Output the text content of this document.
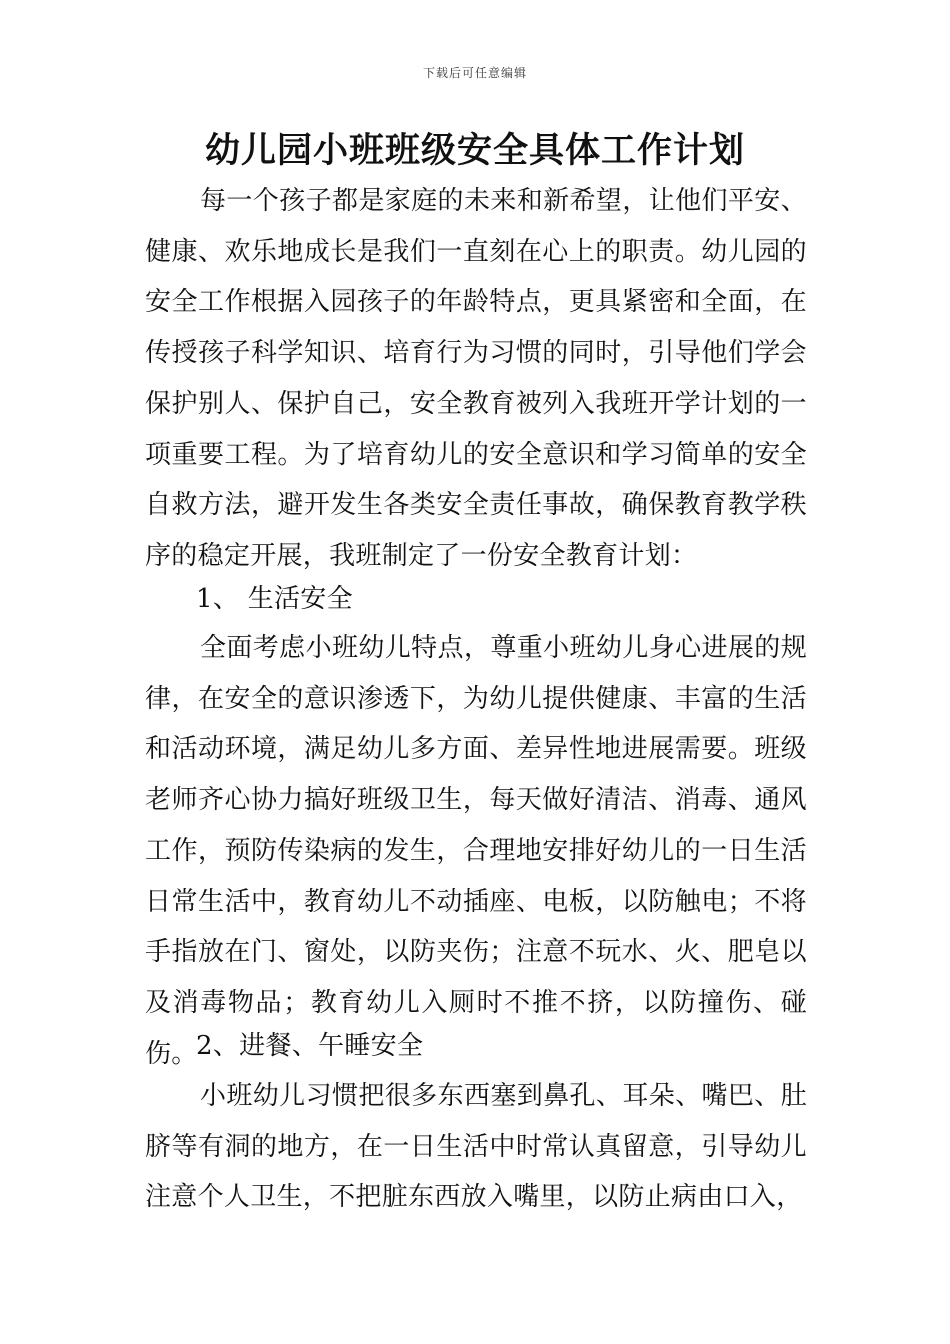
下载后可任意编辑
幼儿园小班班级安全具体工作计划

每一个孩子都是家庭的未来和新希望，让他们平安、健康、欢乐地成长是我们一直刻在心上的职责。幼儿园的安全工作根据入园孩子的年龄特点，更具紧密和全面，在传授孩子科学知识、培育行为习惯的同时，引导他们学会保护别人、保护自己，安全教育被列入我班开学计划的一项重要工程。为了培育幼儿的安全意识和学习简单的安全自救方法，避开发生各类安全责任事故，确保教育教学秩序的稳定开展，我班制定了一份安全教育计划：

1、 生活安全

全面考虑小班幼儿特点，尊重小班幼儿身心进展的规律，在安全的意识渗透下，为幼儿提供健康、丰富的生活和活动环境，满足幼儿多方面、差异性地进展需要。班级老师齐心协力搞好班级卫生，每天做好清洁、消毒、通风工作，预防传染病的发生，合理地安排好幼儿的一日生活日常生活中，教育幼儿不动插座、电板，以防触电；不将手指放在门、窗处，以防夹伤；注意不玩水、火、肥皂以及消毒物品；教育幼儿入厕时不推不挤，以防撞伤、碰伤。

2、进餐、午睡安全

小班幼儿习惯把很多东西塞到鼻孔、耳朵、嘴巴、肚脐等有洞的地方，在一日生活中时常认真留意，引导幼儿注意个人卫生，不把脏东西放入嘴里，以防止病由口入，
